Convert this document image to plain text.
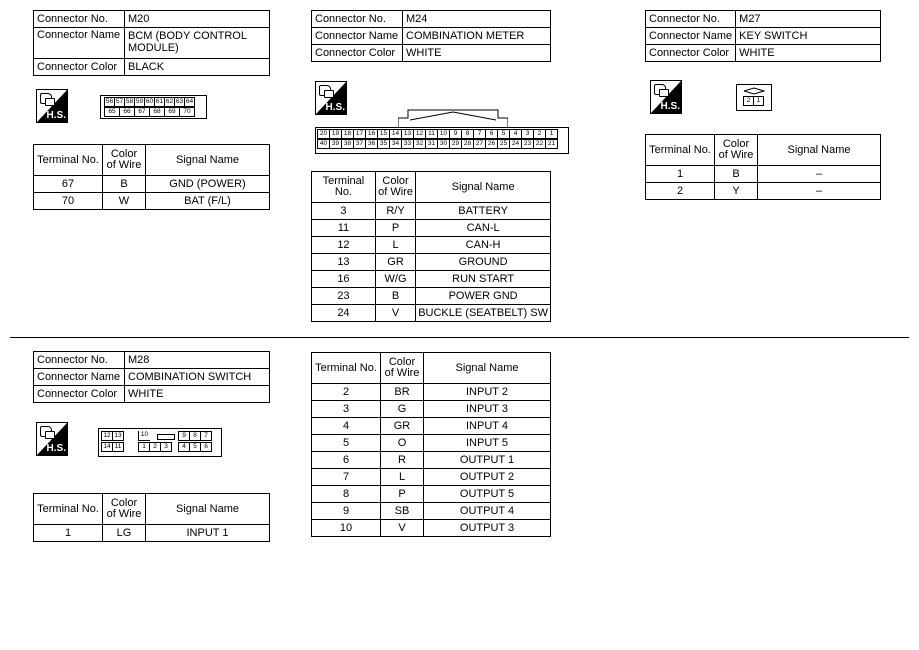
Connector No.	M20
Connector Name	BCM (BODY CONTROL MODULE)
Connector Color	BLACK
H.S.
56 57 58 59 60 61 62 63 64
65	66	67	68	69	70
Terminal No.	Color of Wire	Signal Name
67	B	GND (POWER)
70	W	BAT (F/L)
Connector No.	M24
Connector Name	COMBINATION METER
Connector Color	WHITE
H.S.
20 19 18 17 16 15 14 13 12 11 10	9	8	7	6	5	4	3	2	1
40 39 38 37 36 35 34 33 32 31 30 29 28 27 26 25 24 23 22 21
Terminal No.	Color of Wire	Signal Name
3	R/Y	BATTERY
11	P	CAN-L
12	L	CAN-H
13	GR	GROUND
16	W/G	RUN START
23	B	POWER GND
24	V	BUCKLE (SEATBELT) SW
Connector No.	M27
Connector Name	KEY SWITCH
Connector Color	WHITE
H.S.
2 1
Terminal No.	Color of Wire	Signal Name
1	B	–
2	Y	–
Connector No.	M28
Connector Name	COMBINATION SWITCH
Connector Color	WHITE
H.S.
12 13	10	9	8	7
14 11	1	2	3	4	5	6
Terminal No.	Color of Wire	Signal Name
1	LG	INPUT 1
Terminal No.	Color of Wire	Signal Name
2	BR	INPUT 2
3	G	INPUT 3
4	GR	INPUT 4
5	O	INPUT 5
6	R	OUTPUT 1
7	L	OUTPUT 2
8	P	OUTPUT 5
9	SB	OUTPUT 4
10	V	OUTPUT 3
